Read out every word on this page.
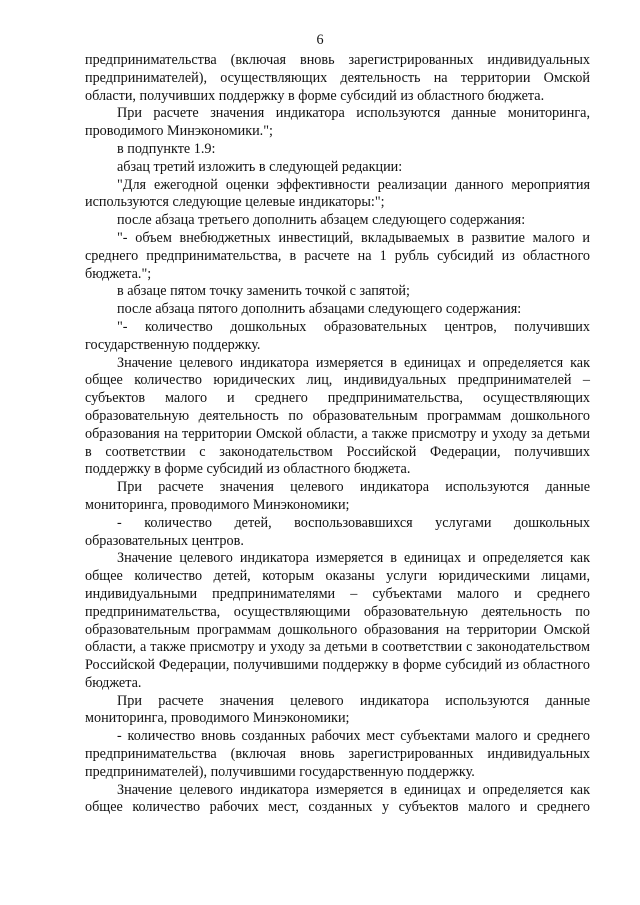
6

предпринимательства (включая вновь зарегистрированных индивидуальных предпринимателей), осуществляющих деятельность на территории Омской области, получивших поддержку в форме субсидий из областного бюджета.

При расчете значения индикатора используются данные мониторинга, проводимого Минэкономики.";

в подпункте 1.9:

абзац третий изложить в следующей редакции:

"Для ежегодной оценки эффективности реализации данного мероприятия используются следующие целевые индикаторы:";

после абзаца третьего дополнить абзацем следующего содержания:

"- объем внебюджетных инвестиций, вкладываемых в развитие малого и среднего предпринимательства, в расчете на 1 рубль субсидий из областного бюджета.";

в абзаце пятом точку заменить точкой с запятой;

после абзаца пятого дополнить абзацами следующего содержания:

"- количество дошкольных образовательных центров, получивших государственную поддержку.

Значение целевого индикатора измеряется в единицах и определяется как общее количество юридических лиц, индивидуальных предпринимателей – субъектов малого и среднего предпринимательства, осуществляющих образовательную деятельность по образовательным программам дошкольного образования на территории Омской области, а также присмотру и уходу за детьми в соответствии с законодательством Российской Федерации, получивших поддержку в форме субсидий из областного бюджета.

При расчете значения целевого индикатора используются данные мониторинга, проводимого Минэкономики;

- количество детей, воспользовавшихся услугами дошкольных образовательных центров.

Значение целевого индикатора измеряется в единицах и определяется как общее количество детей, которым оказаны услуги юридическими лицами, индивидуальными предпринимателями – субъектами малого и среднего предпринимательства, осуществляющими образовательную деятельность по образовательным программам дошкольного образования на территории Омской области, а также присмотру и уходу за детьми в соответствии с законодательством Российской Федерации, получившими поддержку в форме субсидий из областного бюджета.

При расчете значения целевого индикатора используются данные мониторинга, проводимого Минэкономики;

- количество вновь созданных рабочих мест субъектами малого и среднего предпринимательства (включая вновь зарегистрированных индивидуальных предпринимателей), получившими государственную поддержку.

Значение целевого индикатора измеряется в единицах и определяется как общее количество рабочих мест, созданных у субъектов малого и среднего
